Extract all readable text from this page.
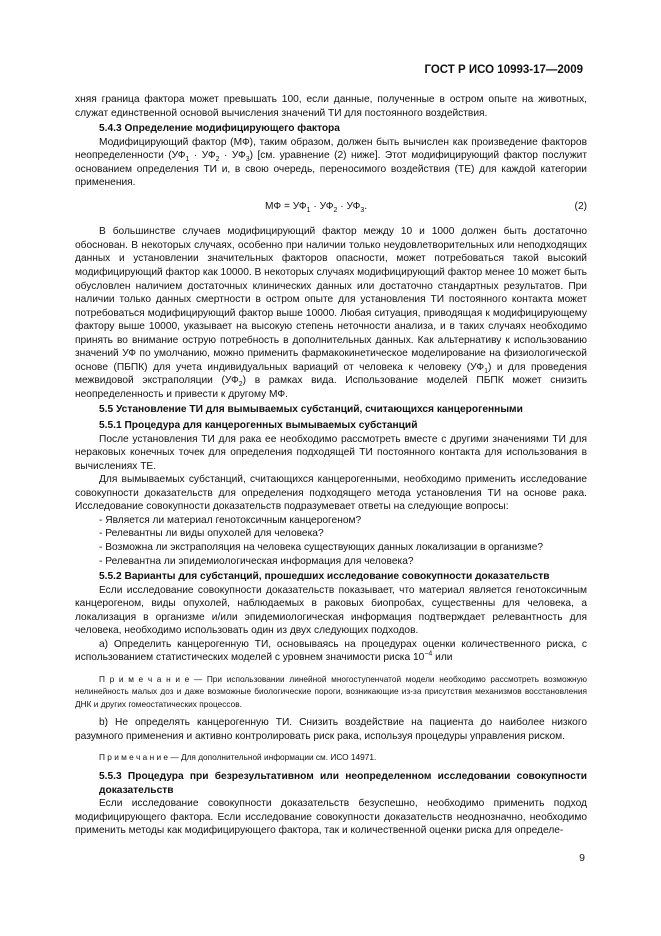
ГОСТ Р ИСО 10993-17—2009

хняя граница фактора может превышать 100, если данные, полученные в остром опыте на животных, служат единственной основой вычисления значений ТИ для постоянного воздействия.

5.4.3 Определение модифицирующего фактора

Модифицирующий фактор (МФ), таким образом, должен быть вычислен как произведение факторов неопределенности $(УФ_1 \cdot УФ_2 \cdot УФ_3)$ [см. уравнение (2) ниже]. Этот модифицирующий фактор послужит основанием определения ТИ и, в свою очередь, переносимого воздействия (ТЕ) для каждой категории применения.

МФ = $УФ_1 \cdot УФ_2 \cdot УФ_3$.	(2)

В большинстве случаев модифицирующий фактор между 10 и 1000 должен быть достаточно обоснован. В некоторых случаях, особенно при наличии только неудовлетворительных или неподходящих данных и установлении значительных факторов опасности, может потребоваться такой высокий модифицирующий фактор как 10000. В некоторых случаях модифицирующий фактор менее 10 может быть обусловлен наличием достаточных клинических данных или достаточно стандартных результатов. При наличии только данных смертности в остром опыте для установления ТИ постоянного контакта может потребоваться модифицирующий фактор выше 10000. Любая ситуация, приводящая к модифицирующему фактору выше 10000, указывает на высокую степень неточности анализа, и в таких случаях необходимо принять во внимание острую потребность в дополнительных данных. Как альтернативу к использованию значений УФ по умолчанию, можно применить фармакокинетическое моделирование на физиологической основе (ПБПК) для учета индивидуальных вариаций от человека к человеку $(УФ_1)$ и для проведения межвидовой экстраполяции $(УФ_2)$ в рамках вида. Использование моделей ПБПК может снизить неопределенность и привести к другому МФ.

5.5 Установление ТИ для вымываемых субстанций, считающихся канцерогенными

5.5.1 Процедура для канцерогенных вымываемых субстанций

После установления ТИ для рака ее необходимо рассмотреть вместе с другими значениями ТИ для нераковых конечных точек для определения подходящей ТИ постоянного контакта для использования в вычислениях ТЕ.

Для вымываемых субстанций, считающихся канцерогенными, необходимо применить исследование совокупности доказательств для определения подходящего метода установления ТИ на основе рака. Исследование совокупности доказательств подразумевает ответы на следующие вопросы:

- Является ли материал генотоксичным канцерогеном?

- Релевантны ли виды опухолей для человека?

- Возможна ли экстраполяция на человека существующих данных локализации в организме?

- Релевантна ли эпидемиологическая информация для человека?

5.5.2 Варианты для субстанций, прошедших исследование совокупности доказательств

Если исследование совокупности доказательств показывает, что материал является генотоксичным канцерогеном, виды опухолей, наблюдаемых в раковых биопробах, существенны для человека, а локализация в организме и/или эпидемиологическая информация подтверждает релевантность для человека, необходимо использовать один из двух следующих подходов.

а) Определить канцерогенную ТИ, основываясь на процедурах оценки количественного риска, с использованием статистических моделей с уровнем значимости риска $10^{-4}$ или

П р и м е ч а н и е — При использовании линейной многоступенчатой модели необходимо рассмотреть возможную нелинейность малых доз и даже возможные биологические пороги, возникающие из-за присутствия механизмов восстановления ДНК и других гомеостатических процессов.

b) Не определять канцерогенную ТИ. Снизить воздействие на пациента до наиболее низкого разумного применения и активно контролировать риск рака, используя процедуры управления риском.

П р и м е ч а н и е — Для дополнительной информации см. ИСО 14971.

5.5.3 Процедура при безрезультативном или неопределенном исследовании совокупности доказательств

Если исследование совокупности доказательств безуспешно, необходимо применить подход модифицирующего фактора. Если исследование совокупности доказательств неоднозначно, необходимо применить методы как модифицирующего фактора, так и количественной оценки риска для определе-

9
